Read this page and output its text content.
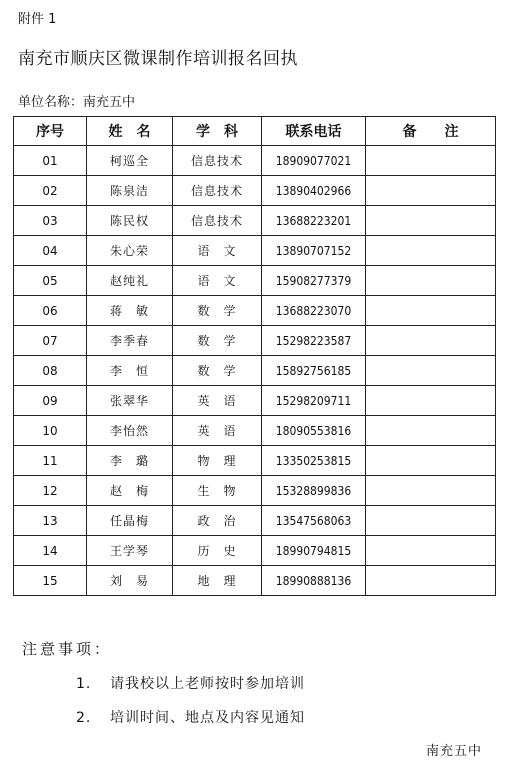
附件 1
南充市顺庆区微课制作培训报名回执
单位名称：南充五中
序号	姓　名	学　科	联系电话	备　　注
01	柯巡全	信息技术	18909077021	
02	陈泉洁	信息技术	13890402966	
03	陈民权	信息技术	13688223201	
04	朱心荣	语　文	13890707152	
05	赵纯礼	语　文	15908277379	
06	蒋　敏	数　学	13688223070	
07	李季春	数　学	15298223587	
08	李　恒	数　学	15892756185	
09	张翠华	英　语	15298209711	
10	李怡然	英　语	18090553816	
11	李　璐	物　理	13350253815	
12	赵　梅	生　物	15328899836	
13	任晶梅	政　治	13547568063	
14	王学琴	历　史	18990794815	
15	刘　易	地　理	18990888136	
注意事项：
1. 请我校以上老师按时参加培训
2. 培训时间、地点及内容见通知
南充五中
